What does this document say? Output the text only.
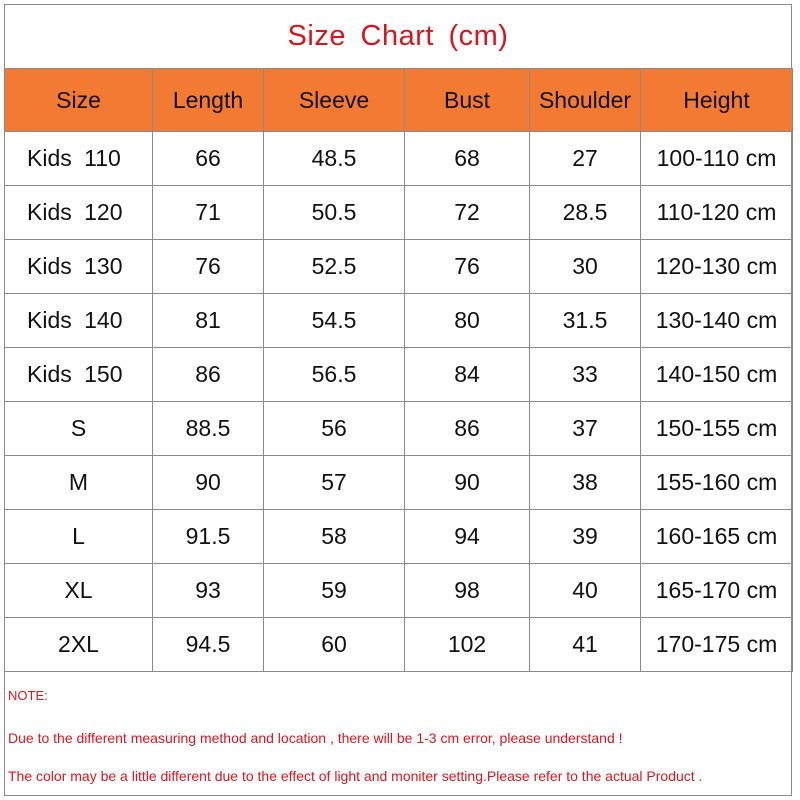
Size Chart (cm)
Size	Length	Sleeve	Bust	Shoulder	Height
Kids 110	66	48.5	68	27	100-110 cm
Kids 120	71	50.5	72	28.5	110-120 cm
Kids 130	76	52.5	76	30	120-130 cm
Kids 140	81	54.5	80	31.5	130-140 cm
Kids 150	86	56.5	84	33	140-150 cm
S	88.5	56	86	37	150-155 cm
M	90	57	90	38	155-160 cm
L	91.5	58	94	39	160-165 cm
XL	93	59	98	40	165-170 cm
2XL	94.5	60	102	41	170-175 cm
NOTE:
Due to the different measuring method and location , there will be 1-3 cm error, please understand !
The color may be a little different due to the effect of light and moniter setting.Please refer to the actual Product .
